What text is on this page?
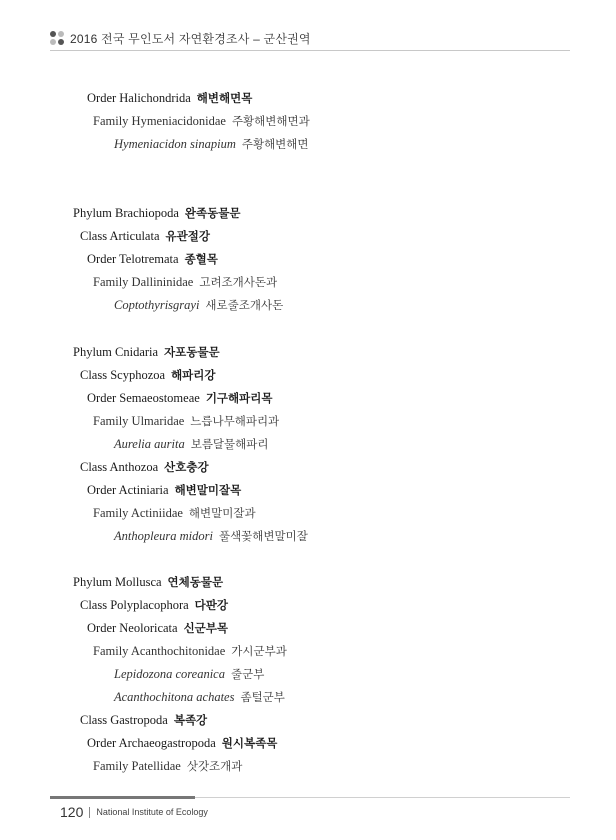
2016 전국 무인도서 자연환경조사 – 군산권역
Order Halichondrida 해변해면목
Family Hymeniacidonidae 주황해변해면과
Hymeniacidon sinapium 주황해변해면
Phylum Brachiopoda 완족동물문
Class Articulata 유관절강
Order Telotremata 종혈목
Family Dallininidae 고려조개사돈과
Coptothyrisgrayi 새로줄조개사돈
Phylum Cnidaria 자포동물문
Class Scyphozoa 해파리강
Order Semaeostomeae 기구해파리목
Family Ulmaridae 느릅나무해파리과
Aurelia aurita 보름달물해파리
Class Anthozoa 산호충강
Order Actiniaria 해변말미잘목
Family Actiniidae 해변말미잘과
Anthopleura midori 풀색꽃해변말미잘
Phylum Mollusca 연체동물문
Class Polyplacophora 다판강
Order Neoloricata 신군부목
Family Acanthochitonidae 가시군부과
Lepidozona coreanica 줄군부
Acanthochitona achates 좀털군부
Class Gastropoda 복족강
Order Archaeogastropoda 원시복족목
Family Patellidae 삿갓조개과
120 National Institute of Ecology
